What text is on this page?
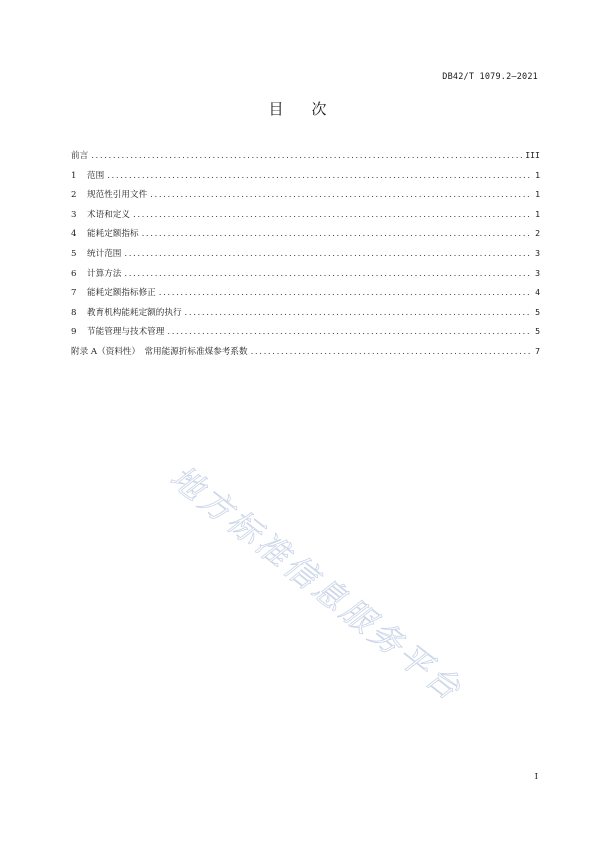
DB42/T 1079.2—2021
目 次
前言 .....	III
1	范围 .....	1
2	规范性引用文件 .....	1
3	术语和定义 .....	1
4	能耗定额指标 .....	2
5	统计范围 .....	3
6	计算方法 .....	3
7	能耗定额指标修正 .....	4
8	教育机构能耗定额的执行 .....	5
9	节能管理与技术管理 .....	5
附录 A（资料性） 常用能源折标准煤参考系数 .....	7
地方标准信息服务平台
I
